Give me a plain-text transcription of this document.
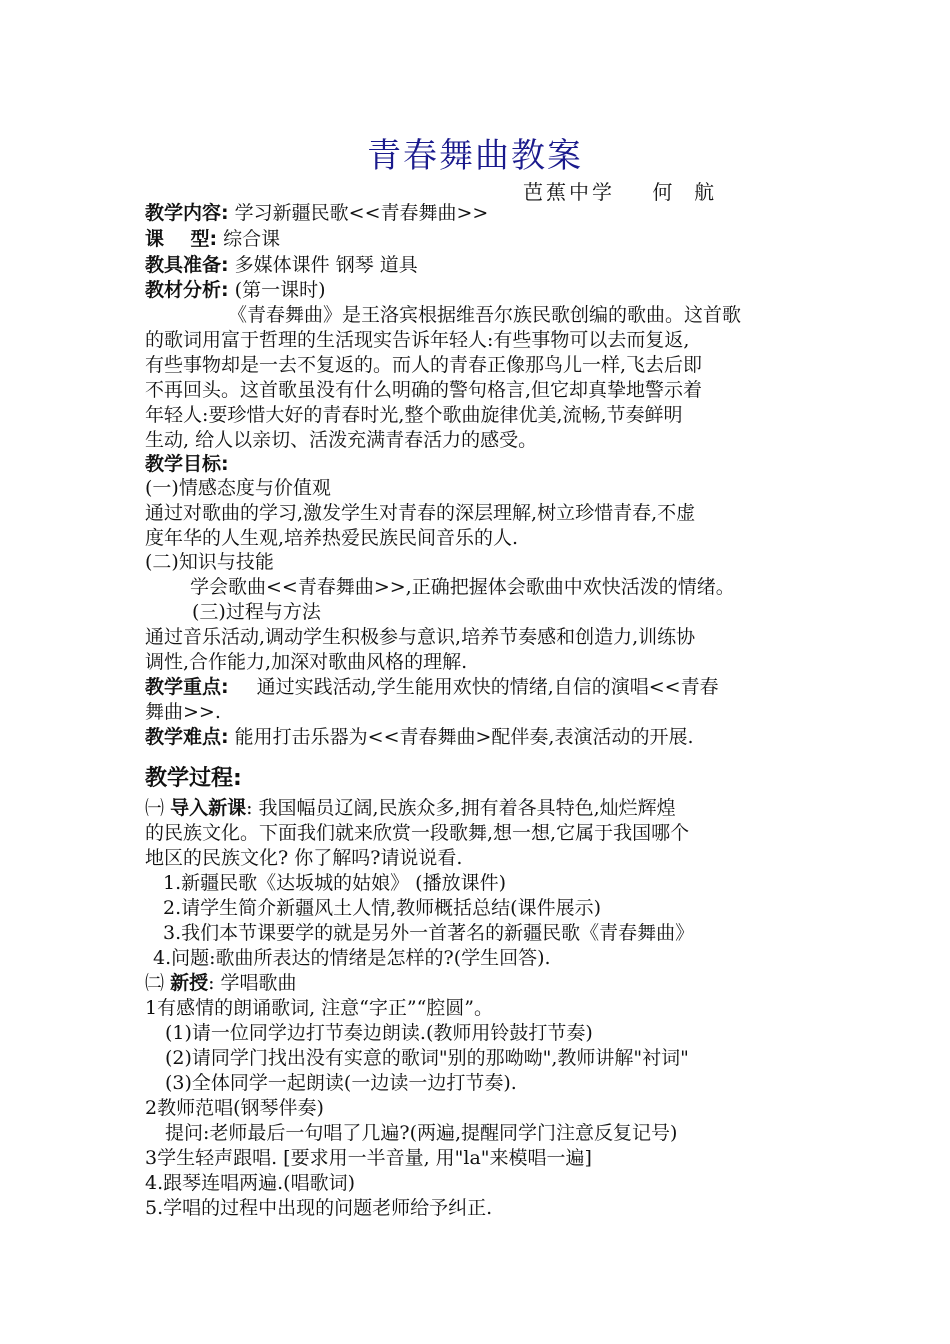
青春舞曲教案
芭蕉中学    何  航
教学内容: 学习新疆民歌<<青春舞曲>>
课    型: 综合课
教具准备: 多媒体课件 钢琴 道具
教材分析: (第一课时)
《青春舞曲》是王洛宾根据维吾尔族民歌创编的歌曲。这首歌
的歌词用富于哲理的生活现实告诉年轻人:有些事物可以去而复返,
有些事物却是一去不复返的。而人的青春正像那鸟儿一样,飞去后即
不再回头。这首歌虽没有什么明确的警句格言,但它却真挚地警示着
年轻人:要珍惜大好的青春时光,整个歌曲旋律优美,流畅,节奏鲜明
生动, 给人以亲切、活泼充满青春活力的感受。
教学目标:
(一)情感态度与价值观
通过对歌曲的学习,激发学生对青春的深层理解,树立珍惜青春,不虚
度年华的人生观,培养热爱民族民间音乐的人.
(二)知识与技能
学会歌曲<<青春舞曲>>,正确把握体会歌曲中欢快活泼的情绪。
(三)过程与方法
通过音乐活动,调动学生积极参与意识,培养节奏感和创造力,训练协
调性,合作能力,加深对歌曲风格的理解.
教学重点: 通过实践活动,学生能用欢快的情绪,自信的演唱<<青春
舞曲>>.
教学难点: 能用打击乐器为<<青春舞曲>配伴奏,表演活动的开展.
教学过程:
㈠ 导入新课: 我国幅员辽阔,民族众多,拥有着各具特色,灿烂辉煌
的民族文化。下面我们就来欣赏一段歌舞,想一想,它属于我国哪个
地区的民族文化? 你了解吗?请说说看.
1.新疆民歌《达坂城的姑娘》 (播放课件)
2.请学生简介新疆风土人情,教师概括总结(课件展示)
3.我们本节课要学的就是另外一首著名的新疆民歌《青春舞曲》
4.问题:歌曲所表达的情绪是怎样的?(学生回答).
㈡ 新授: 学唱歌曲
1有感情的朗诵歌词, 注意“字正”“腔圆”。
(1)请一位同学边打节奏边朗读.(教师用铃鼓打节奏)
(2)请同学门找出没有实意的歌词"别的那呦呦",教师讲解"衬词"
(3)全体同学一起朗读(一边读一边打节奏).
2教师范唱(钢琴伴奏)
提问:老师最后一句唱了几遍?(两遍,提醒同学门注意反复记号)
3学生轻声跟唱. [要求用一半音量, 用"la"来模唱一遍]
4.跟琴连唱两遍.(唱歌词)
5.学唱的过程中出现的问题老师给予纠正.
